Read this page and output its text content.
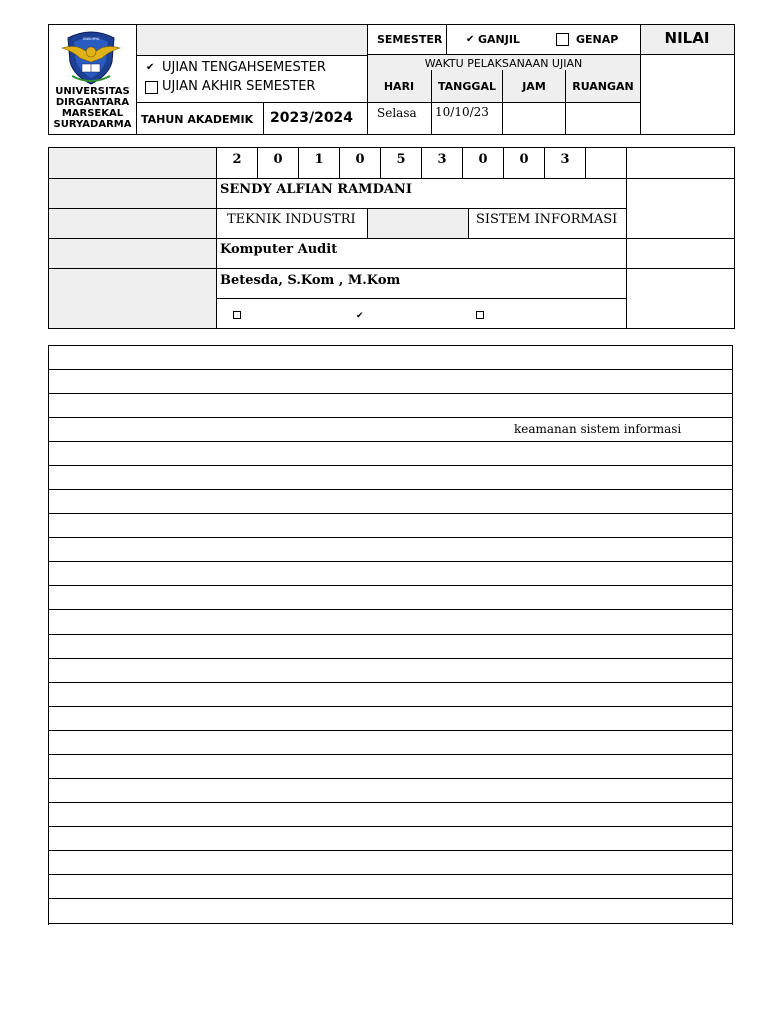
UNSURYA
UNIVERSITAS
DIRGANTARA
MARSEKAL
SURYADARMA
✔ UJIAN TENGAHSEMESTER
UJIAN AKHIR SEMESTER
TAHUN AKADEMIK 2023/2024
SEMESTER ✔ GANJIL	GENAP
WAKTU PELAKSANAAN UJIAN
HARI	TANGGAL	JAM	RUANGAN
Selasa 10/10/23
NILAI
2	0	1	0	5	3	0	0	3
SENDY ALFIAN RAMDANI
TEKNIK INDUSTRI	SISTEM INFORMASI
Komputer Audit
Betesda, S.Kom , M.Kom
✔
keamanan sistem informasi
